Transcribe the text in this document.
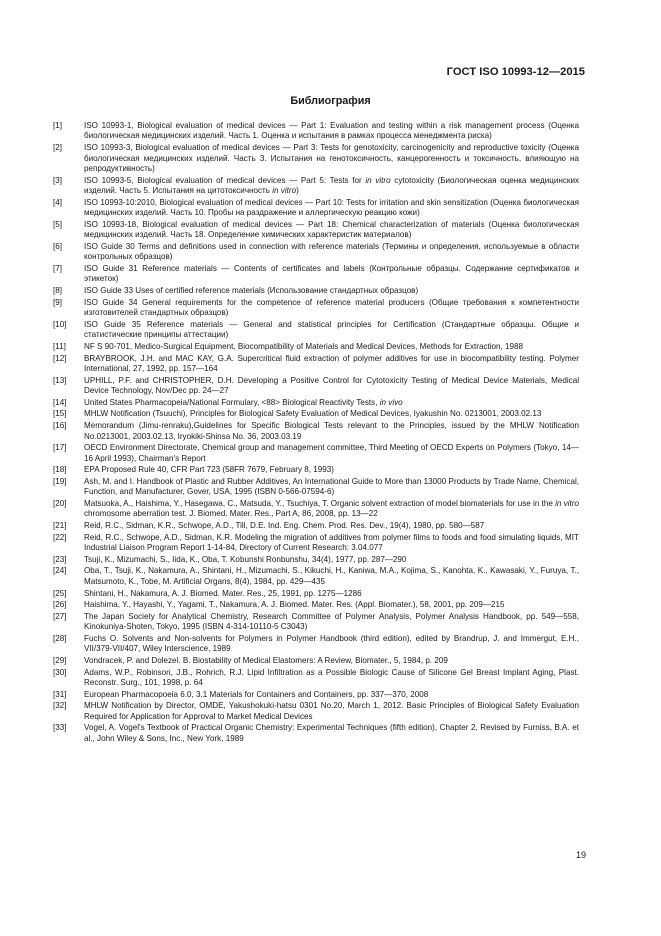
ГОСТ ISO 10993-12—2015
Библиография
[1]	ISO 10993-1, Biological evaluation of medical devices — Part 1: Evaluation and testing within a risk management process (Оценка биологическая медицинских изделий. Часть 1. Оценка и испытания в рамках процесса менеджмента риска)
[2]	ISO 10993-3, Biological evaluation of medical devices — Part 3: Tests for genotoxicity, carcinogenicity and reproductive toxicity (Оценка биологическая медицинских изделий. Часть 3. Испытания на генотоксичность, канцерогенность и токсичность, влияющую на репродуктивность)
[3]	ISO 10993-5, Biological evaluation of medical devices — Part 5: Tests for in vitro cytotoxicity (Биологическая оценка медицинских изделий. Часть 5. Испытания на цитотоксичность in vitro)
[4]	ISO 10993-10:2010, Biological evaluation of medical devices — Part 10: Tests for irritation and skin sensitization (Оценка биологическая медицинских изделий. Часть 10. Пробы на раздражение и аллергическую реакцию кожи)
[5]	ISO 10993-18, Biological evaluation of medical devices — Part 18: Chemical characterization of materials (Оценка биологическая медицинских изделий. Часть 18. Определение химических характеристик материалов)
[6]	ISO Guide 30 Terms and definitions used in connection with reference materials (Термины и определения, используемые в области контрольных образцов)
[7]	ISO Guide 31 Reference materials — Contents of certificates and labels (Контрольные образцы. Содержание сертификатов и этикеток)
[8]	ISO Guide 33 Uses of certified reference materials (Использование стандартных образцов)
[9]	ISO Guide 34 General requirements for the competence of reference material producers (Общие требования к компетентности изготовителей стандартных образцов)
[10]	ISO Guide 35 Reference materials — General and statistical principles for Certification (Стандартные образцы. Общие и статистические принципы аттестации)
[11]	NF S 90-701, Medico-Surgical Equipment, Biocompatibility of Materials and Medical Devices, Methods for Extraction, 1988
[12]	BRAYBROOK, J.H. and MAC KAY, G.A. Supercritical fluid extraction of polymer additives for use in biocompatibility testing. Polymer International, 27, 1992, pp. 157—164
[13]	UPHILL, P.F. and CHRISTOPHER, D.H. Developing a Positive Control for Cytotoxicity Testing of Medical Device Materials, Medical Device Technology, Nov/Dec pp. 24—27
[14]	United States Pharmacopeia/National Formulary, <88> Biological Reactivity Tests, in vivo
[15]	MHLW Notification (Tsuuchi), Principles for Biological Safety Evaluation of Medical Devices, Iyakushin No. 0213001, 2003.02.13
[16]	Memorandum (Jimu-renraku),Guidelines for Specific Biological Tests relevant to the Principles, issued by the MHLW Notification No.0213001, 2003.02.13, Iryokiki-Shinsa No. 36, 2003.03.19
[17]	OECD Environment Directorate, Chemical group and management committee, Third Meeting of OECD Experts on Polymers (Tokyo, 14—16 April 1993), Chairman's Report
[18]	EPA Proposed Rule 40, CFR Part 723 (58FR 7679, February 8, 1993)
[19]	Ash, M. and I. Handbook of Plastic and Rubber Additives, An International Guide to More than 13000 Products by Trade Name, Chemical, Function, and Manufacturer, Gover, USA, 1995 (ISBN 0-566-07594-6)
[20]	Matsuoka, A., Haishima, Y., Hasegawa, C., Matsuda, Y., Tsuchiya, T. Organic solvent extraction of model biomaterials for use in the in vitro chromosome aberration test. J. Biomed. Mater. Res., Part A, 86, 2008, pp. 13—22
[21]	Reid, R.C., Sidman, K.R., Schwope, A.D., Till, D.E. Ind. Eng. Chem. Prod. Res. Dev., 19(4), 1980, pp. 580—587
[22]	Reid, R.C., Schwope, A.D., Sidman, K.R. Modeling the migration of additives from polymer films to foods and food simulating liquids, MIT Industrial Liaison Program Report 1-14-84, Directory of Current Research: 3.04.077
[23]	Tsuji, K., Mizumachi, S., Iida, K., Oba, T. Kobunshi Ronbunshu, 34(4), 1977, pp. 287—290
[24]	Oba, T., Tsuji, K., Nakamura, A., Shintani, H., Mizumachi, S., Kikuchi, H., Kaniwa, M.A., Kojima, S., Kanohta, K., Kawasaki, Y., Furuya, T., Matsumoto, K., Tobe, M. Artificial Organs, 8(4), 1984, pp. 429—435
[25]	Shintani, H., Nakamura, A. J. Biomed. Mater. Res., 25, 1991, pp. 1275—1286
[26]	Haishima, Y., Hayashi, Y., Yagami, T., Nakamura, A. J. Biomed. Mater. Res. (Appl. Biomater.), 58, 2001, pp. 209—215
[27]	The Japan Society for Analytical Chemistry, Research Committee of Polymer Analysis, Polymer Analysis Handbook, pp. 549—558, Kinokuniya-Shoten, Tokyo, 1995 (ISBN 4-314-10110-5 C3043)
[28]	Fuchs O. Solvents and Non-solvents for Polymers in Polymer Handbook (third edition), edited by Brandrup, J. and Immergut, E.H., VII/379-VII/407, Wiley Interscience, 1989
[29]	Vondracek, P. and Dolezel. B. Biostability of Medical Elastomers: A Review, Biomater., 5, 1984, p. 209
[30]	Adams, W.P., Robinson, J.B., Rohrich, R.J. Lipid Infiltration as a Possible Biologic Cause of Silicone Gel Breast Implant Aging, Plast. Reconstr. Surg., 101, 1998, p. 64
[31]	European Pharmacopoeia 6.0, 3.1 Materials for Containers and Containers, pp. 337—370, 2008
[32]	MHLW Notification by Director, OMDE, Yakushokuki-hatsu 0301 No.20, March 1, 2012. Basic Principles of Biological Safety Evaluation Required for Application for Approval to Market Medical Devices
[33]	Vogel, A. Vogel's Textbook of Practical Organic Chemistry: Experimental Techniques (fifth edition), Chapter 2, Revised by Furniss, B.A. et al., John Wiley & Sons, Inc., New York, 1989
19
